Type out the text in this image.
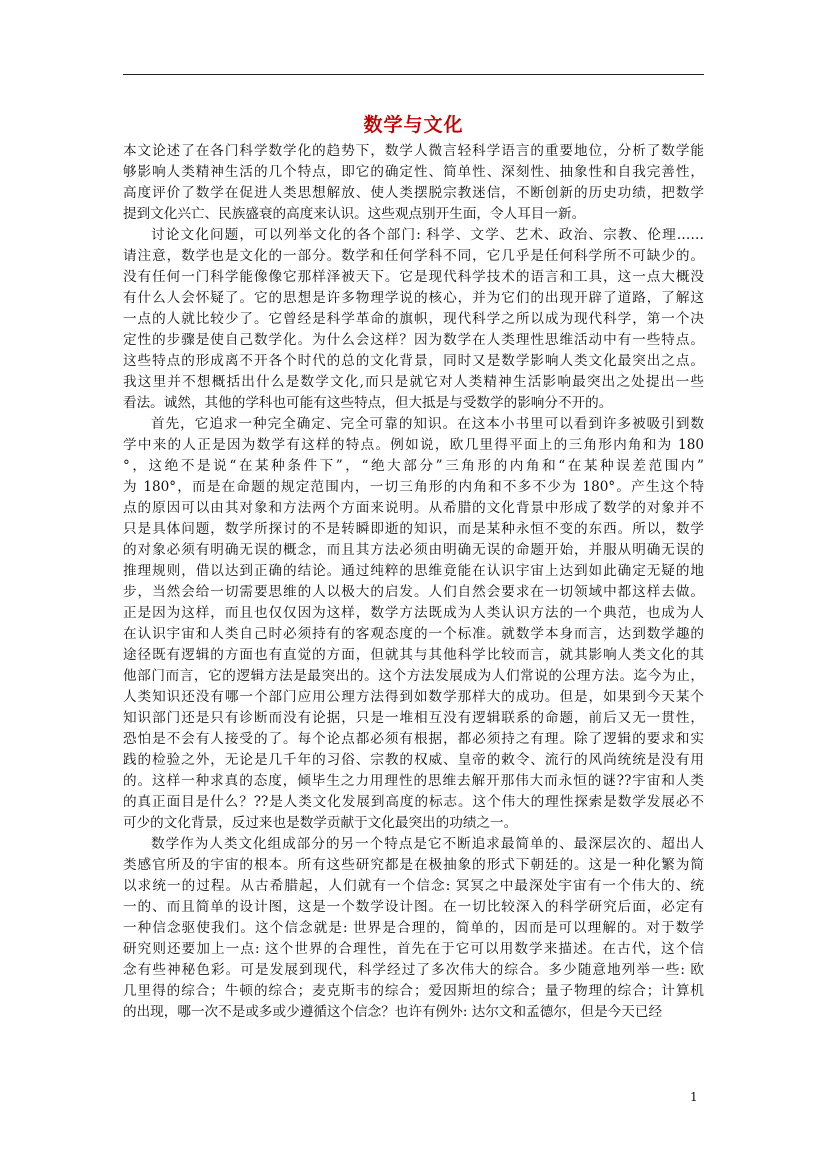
数学与文化
本文论述了在各门科学数学化的趋势下，数学人微言轻科学语言的重要地位，分析了数学能
够影响人类精神生活的几个特点，即它的确定性、简单性、深刻性、抽象性和自我完善性，
高度评价了数学在促进人类思想解放、使人类摆脱宗教迷信，不断创新的历史功绩，把数学
提到文化兴亡、民族盛衰的高度来认识。这些观点别开生面，令人耳目一新。
讨论文化问题，可以列举文化的各个部门: 科学、文学、艺术、政治、宗教、伦理……
请注意，数学也是文化的一部分。数学和任何学科不同，它几乎是任何科学所不可缺少的。
没有任何一门科学能像像它那样泽被天下。它是现代科学技术的语言和工具，这一点大概没
有什么人会怀疑了。它的思想是许多物理学说的核心，并为它们的出现开辟了道路，了解这
一点的人就比较少了。它曾经是科学革命的旗帜，现代科学之所以成为现代科学，第一个决
定性的步骤是使自己数学化。为什么会这样？因为数学在人类理性思维活动中有一些特点。
这些特点的形成离不开各个时代的总的文化背景，同时又是数学影响人类文化最突出之点。
我这里并不想概括出什么是数学文化,而只是就它对人类精神生活影响最突出之处提出一些
看法。诚然，其他的学科也可能有这些特点，但大抵是与受数学的影响分不开的。
首先，它追求一种完全确定、完全可靠的知识。在这本小书里可以看到许多被吸引到数
学中来的人正是因为数学有这样的特点。例如说，欧几里得平面上的三角形内角和为 180
°，这绝不是说“在某种条件下”，“绝大部分”三角形的内角和“在某种误差范围内”
为 180°，而是在命题的规定范围内，一切三角形的内角和不多不少为 180°。产生这个特
点的原因可以由其对象和方法两个方面来说明。从希腊的文化背景中形成了数学的对象并不
只是具体问题，数学所探讨的不是转瞬即逝的知识，而是某种永恒不变的东西。所以，数学
的对象必须有明确无误的概念，而且其方法必须由明确无误的命题开始，并服从明确无误的
推理规则，借以达到正确的结论。通过纯粹的思维竟能在认识宇宙上达到如此确定无疑的地
步，当然会给一切需要思维的人以极大的启发。人们自然会要求在一切领域中都这样去做。
正是因为这样，而且也仅仅因为这样，数学方法既成为人类认识方法的一个典范，也成为人
在认识宇宙和人类自己时必须持有的客观态度的一个标准。就数学本身而言，达到数学趣的
途径既有逻辑的方面也有直觉的方面，但就其与其他科学比较而言，就其影响人类文化的其
他部门而言，它的逻辑方法是最突出的。这个方法发展成为人们常说的公理方法。迄今为止，
人类知识还没有哪一个部门应用公理方法得到如数学那样大的成功。但是，如果到今天某个
知识部门还是只有诊断而没有论据，只是一堆相互没有逻辑联系的命题，前后又无一贯性，
恐怕是不会有人接受的了。每个论点都必须有根据，都必须持之有理。除了逻辑的要求和实
践的检验之外，无论是几千年的习俗、宗教的权威、皇帝的敕令、流行的风尚统统是没有用
的。这样一种求真的态度，倾毕生之力用理性的思维去解开那伟大而永恒的谜??宇宙和人类
的真正面目是什么？??是人类文化发展到高度的标志。这个伟大的理性探索是数学发展必不
可少的文化背景，反过来也是数学贡献于文化最突出的功绩之一。
数学作为人类文化组成部分的另一个特点是它不断追求最简单的、最深层次的、超出人
类感官所及的宇宙的根本。所有这些研究都是在极抽象的形式下朝廷的。这是一种化繁为简
以求统一的过程。从古希腊起，人们就有一个信念: 冥冥之中最深处宇宙有一个伟大的、统
一的、而且简单的设计图，这是一个数学设计图。在一切比较深入的科学研究后面，必定有
一种信念驱使我们。这个信念就是: 世界是合理的，简单的，因而是可以理解的。对于数学
研究则还要加上一点: 这个世界的合理性，首先在于它可以用数学来描述。在古代，这个信
念有些神秘色彩。可是发展到现代，科学经过了多次伟大的综合。多少随意地列举一些: 欧
几里得的综合；牛顿的综合；麦克斯韦的综合；爱因斯坦的综合；量子物理的综合；计算机
的出现，哪一次不是或多或少遵循这个信念？也许有例外: 达尔文和孟德尔，但是今天已经
1
